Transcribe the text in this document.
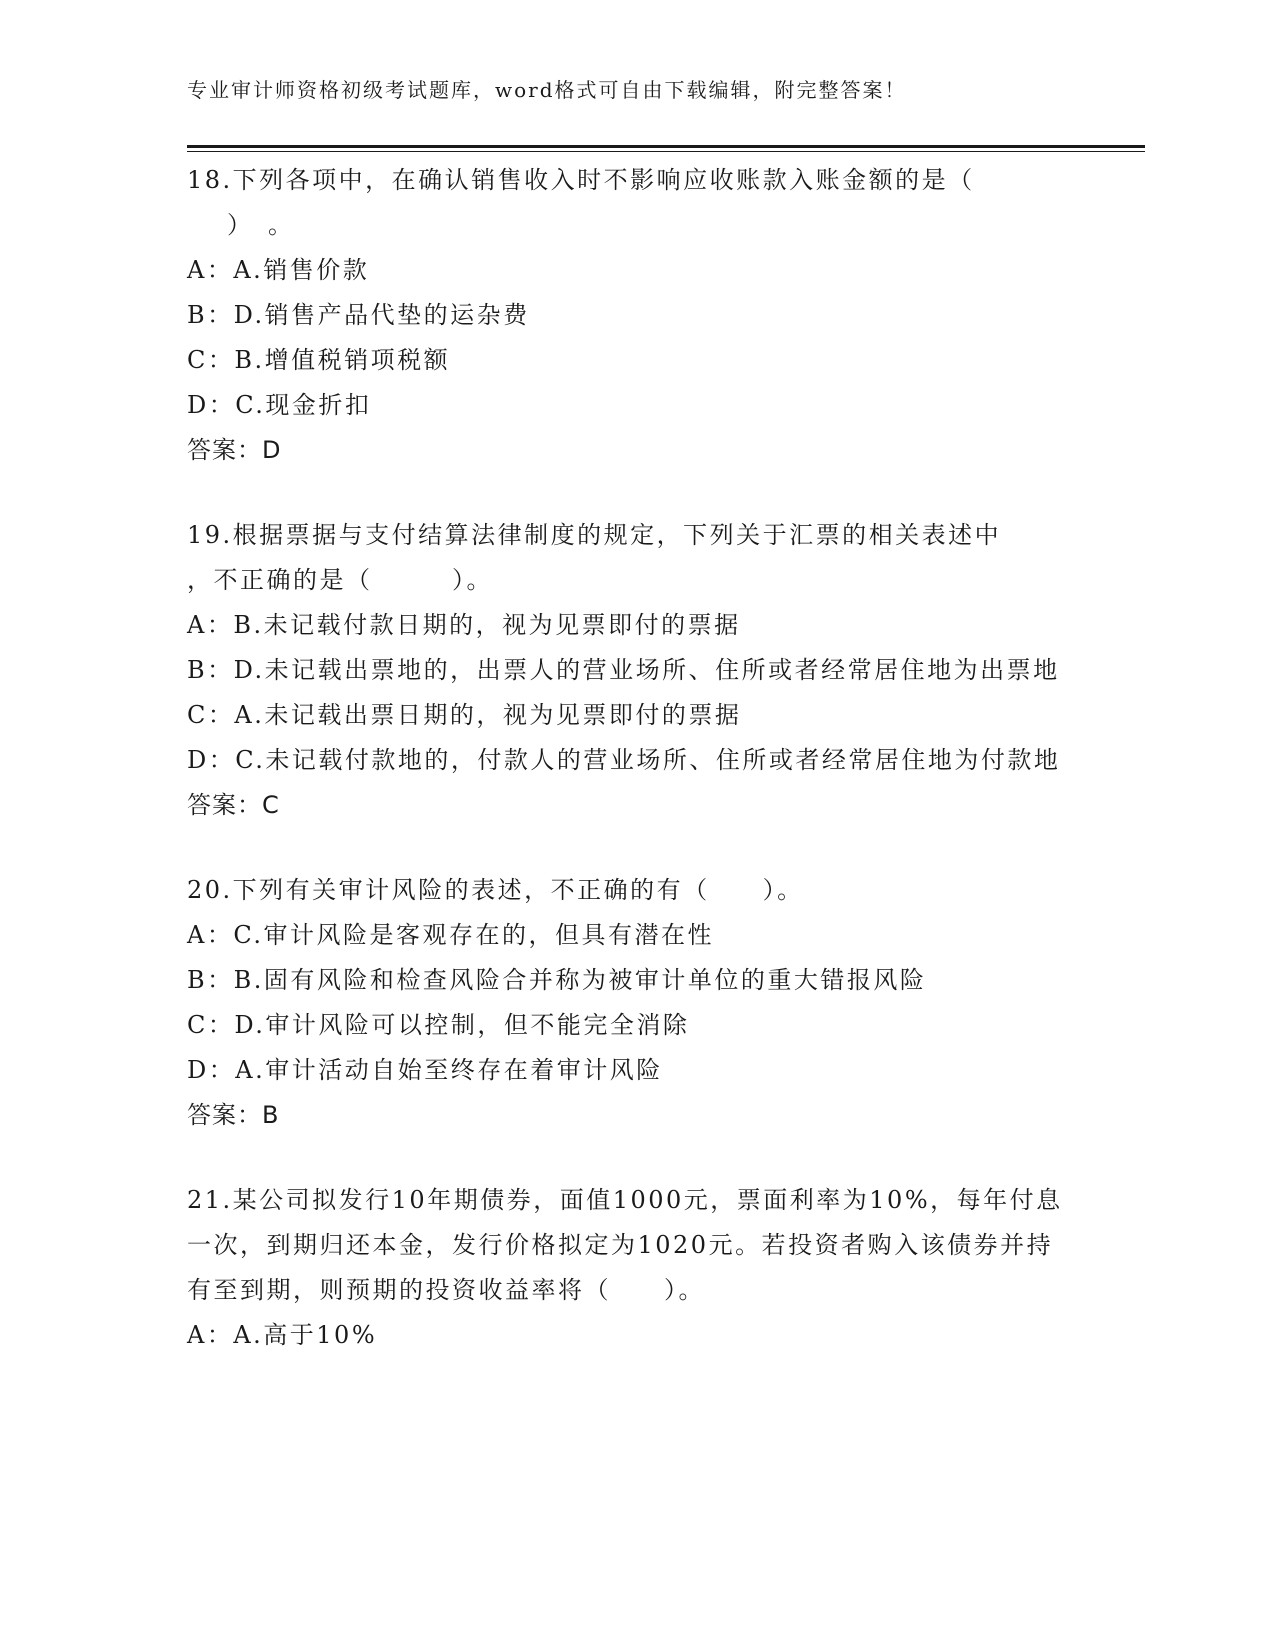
专业审计师资格初级考试题库，word格式可自由下载编辑，附完整答案！
18.下列各项中，在确认销售收入时不影响应收账款入账金额的是（
）　。
A：A.销售价款
B：D.销售产品代垫的运杂费
C：B.增值税销项税额
D：C.现金折扣
答案：D
19.根据票据与支付结算法律制度的规定，下列关于汇票的相关表述中
，不正确的是（　　　）。
A：B.未记载付款日期的，视为见票即付的票据
B：D.未记载出票地的，出票人的营业场所、住所或者经常居住地为出票地
C：A.未记载出票日期的，视为见票即付的票据
D：C.未记载付款地的，付款人的营业场所、住所或者经常居住地为付款地
答案：C
20.下列有关审计风险的表述，不正确的有（　　）。
A：C.审计风险是客观存在的，但具有潜在性
B：B.固有风险和检查风险合并称为被审计单位的重大错报风险
C：D.审计风险可以控制，但不能完全消除
D：A.审计活动自始至终存在着审计风险
答案：B
21.某公司拟发行10年期债券，面值1000元，票面利率为10%，每年付息一次，到期归还本金，发行价格拟定为1020元。若投资者购入该债券并持有至到期，则预期的投资收益率将（　　）。
A：A.高于10%
